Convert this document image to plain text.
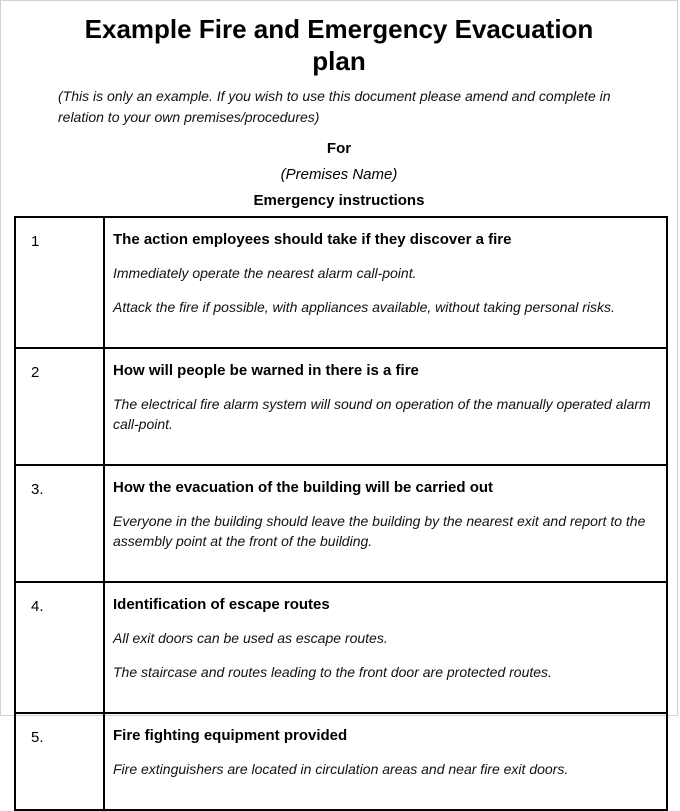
Example Fire and Emergency Evacuation
plan

(This is only an example. If you wish to use this document please amend and complete in relation to your own premises/procedures)

For
(Premises Name)
Emergency instructions
1	The action employees should take if they discover a fire

Immediately operate the nearest alarm call-point.

Attack the fire if possible, with appliances available, without taking personal risks.

2	How will people be warned in there is a fire

The electrical fire alarm system will sound on operation of the manually operated alarm call-point.

3.	How the evacuation of the building will be carried out

Everyone in the building should leave the building by the nearest exit and report to the assembly point at the front of the building.

4.	Identification of escape routes

All exit doors can be used as escape routes.

The staircase and routes leading to the front door are protected routes.

5.	Fire fighting equipment provided

Fire extinguishers are located in circulation areas and near fire exit doors.
